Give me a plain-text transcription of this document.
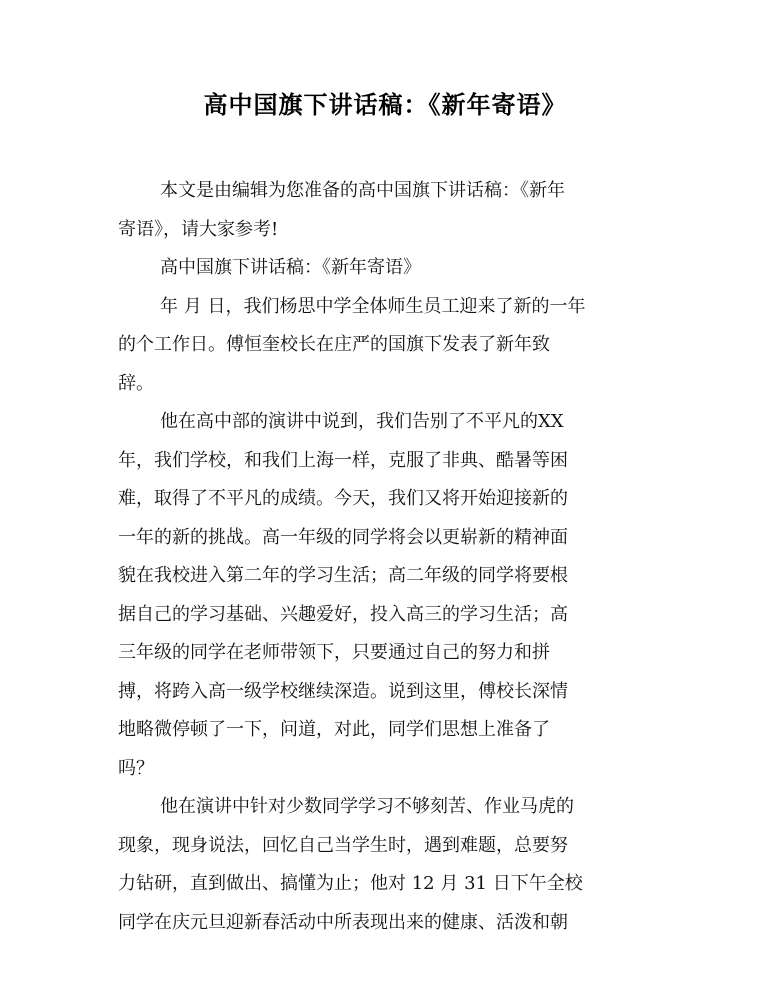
高中国旗下讲话稿：《新年寄语》
本文是由编辑为您准备的高中国旗下讲话稿：《新年
寄语》，请大家参考!
高中国旗下讲话稿：《新年寄语》
年 月 日，我们杨思中学全体师生员工迎来了新的一年
的个工作日。傅恒奎校长在庄严的国旗下发表了新年致
辞。
他在高中部的演讲中说到，我们告别了不平凡的XX
年，我们学校，和我们上海一样，克服了非典、酷暑等困
难，取得了不平凡的成绩。今天，我们又将开始迎接新的
一年的新的挑战。高一年级的同学将会以更崭新的精神面
貌在我校进入第二年的学习生活；高二年级的同学将要根
据自己的学习基础、兴趣爱好，投入高三的学习生活；高
三年级的同学在老师带领下，只要通过自己的努力和拼
搏，将跨入高一级学校继续深造。说到这里，傅校长深情
地略微停顿了一下，问道，对此，同学们思想上准备了
吗？
他在演讲中针对少数同学学习不够刻苦、作业马虎的
现象，现身说法，回忆自己当学生时，遇到难题，总要努
力钻研，直到做出、搞懂为止；他对 12 月 31 日下午全校
同学在庆元旦迎新春活动中所表现出来的健康、活泼和朝
